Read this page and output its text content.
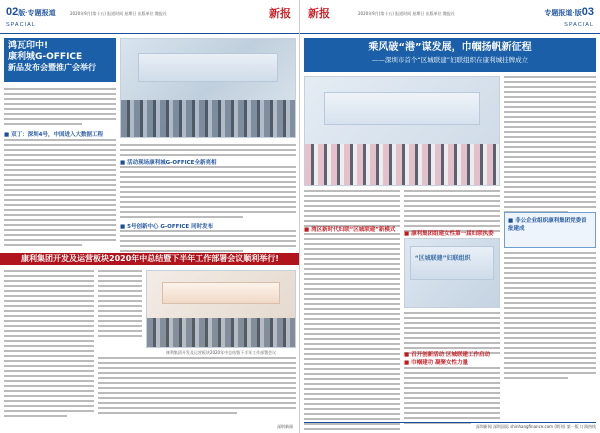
02版·专题报道
SPACIAL
2020年9月(第十五) 报道时间 星期日 出版单位 微报社	新报
鸿瓦印中!
康利城G-OFFICE
新品发布会暨推广会举行
■ 双丁：深圳4号，中国进入大数据工程
■ 活动现场康利城G-OFFICE全新亮相
■ 5号创新中心 G-OFFICE 同时发布
康利集团开发及运营板块2020年中总结暨下半年工作部署会议顺利举行!
康利集团开发及运营板块2020年中总结暨下半年工作部署会议
深圳新闻
新报	2020年9月(第十五) 报道时间 星期日 出版单位 微报社	专题报道·版03
SPACIAL
乘风破“港”谋发展，巾帼扬帆新征程
——深圳市首个“区城联建”妇联组织在康利城挂牌成立
■ 非公企业组织康利集团党委首批建成
■ 湾区新时代妇联“区城联建”新模式
■ 康利集团组建女性第一届妇联执委
“区城联建”妇联组织
■ 召开创新活动 区城联建工作启动
■ 巾帼建功 凝聚女性力量
深圳新闻 深圳国际 shinhangfinance.com (期刊) 第一版 订阅热线
